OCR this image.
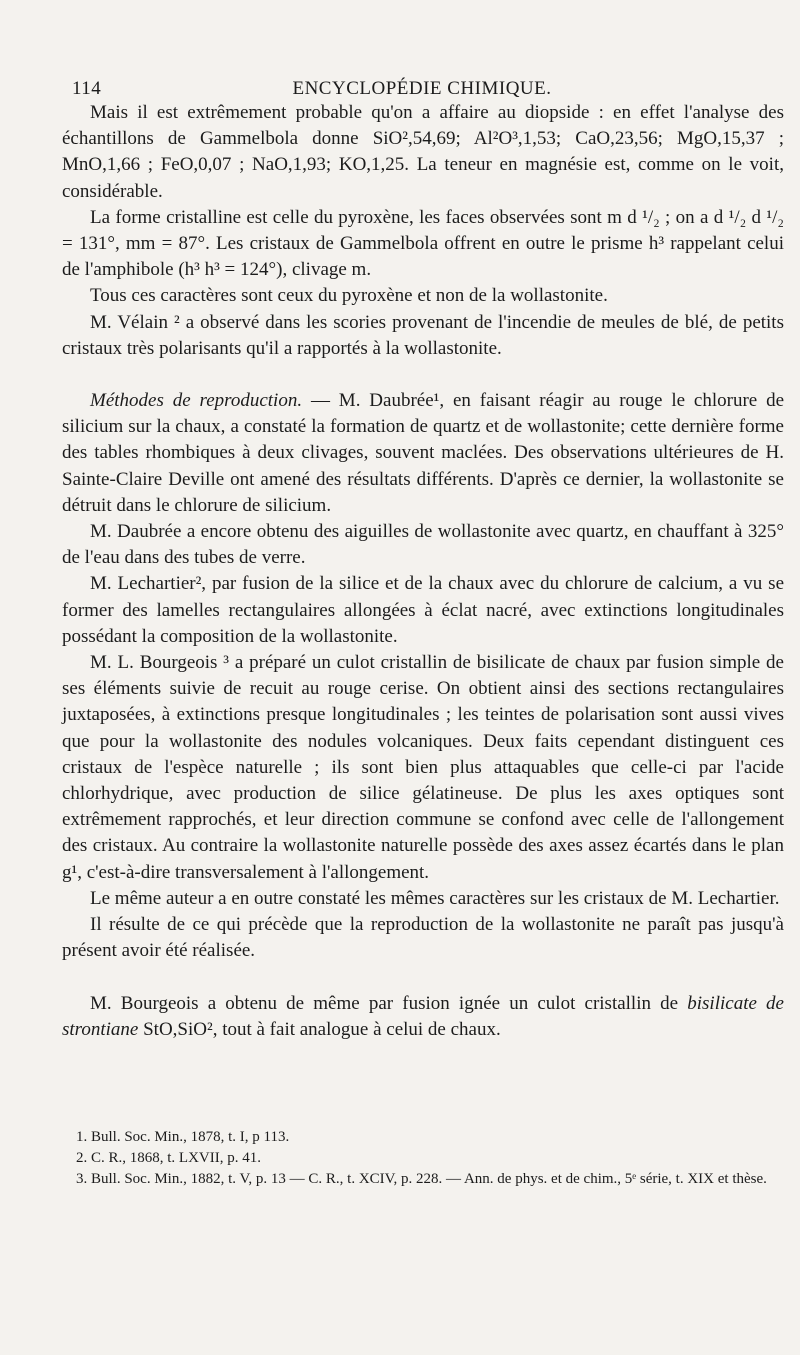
114	ENCYCLOPÉDIE CHIMIQUE.

Mais il est extrêmement probable qu'on a affaire au diopside : en effet l'analyse des échantillons de Gammelbola donne SiO²,54,69; Al²O³,1,53; CaO,23,56; MgO,15,37 ; MnO,1,66 ; FeO,0,07 ; NaO,1,93; KO,1,25. La teneur en magnésie est, comme on le voit, considérable.

La forme cristalline est celle du pyroxène, les faces observées sont m d ¹/₂ ; on a d ¹/₂ d ¹/₂ = 131°, mm = 87°. Les cristaux de Gammelbola offrent en outre le prisme h³ rappelant celui de l'amphibole (h³ h³ = 124°), clivage m.

Tous ces caractères sont ceux du pyroxène et non de la wollastonite.

M. Vélain ² a observé dans les scories provenant de l'incendie de meules de blé, de petits cristaux très polarisants qu'il a rapportés à la wollastonite.

Méthodes de reproduction. — M. Daubrée¹, en faisant réagir au rouge le chlorure de silicium sur la chaux, a constaté la formation de quartz et de wollastonite; cette dernière forme des tables rhombiques à deux clivages, souvent maclées. Des observations ultérieures de H. Sainte-Claire Deville ont amené des résultats différents. D'après ce dernier, la wollastonite se détruit dans le chlorure de silicium.

M. Daubrée a encore obtenu des aiguilles de wollastonite avec quartz, en chauffant à 325° de l'eau dans des tubes de verre.

M. Lechartier², par fusion de la silice et de la chaux avec du chlorure de calcium, a vu se former des lamelles rectangulaires allongées à éclat nacré, avec extinctions longitudinales possédant la composition de la wollastonite.

M. L. Bourgeois ³ a préparé un culot cristallin de bisilicate de chaux par fusion simple de ses éléments suivie de recuit au rouge cerise. On obtient ainsi des sections rectangulaires juxtaposées, à extinctions presque longitudinales ; les teintes de polarisation sont aussi vives que pour la wollastonite des nodules volcaniques. Deux faits cependant distinguent ces cristaux de l'espèce naturelle ; ils sont bien plus attaquables que celle-ci par l'acide chlorhydrique, avec production de silice gélatineuse. De plus les axes optiques sont extrêmement rapprochés, et leur direction commune se confond avec celle de l'allongement des cristaux. Au contraire la wollastonite naturelle possède des axes assez écartés dans le plan g¹, c'est-à-dire transversalement à l'allongement.

Le même auteur a en outre constaté les mêmes caractères sur les cristaux de M. Lechartier.

Il résulte de ce qui précède que la reproduction de la wollastonite ne paraît pas jusqu'à présent avoir été réalisée.

M. Bourgeois a obtenu de même par fusion ignée un culot cristallin de bisilicate de strontiane StO,SiO², tout à fait analogue à celui de chaux.

1. Bull. Soc. Min., 1878, t. I, p 113.

2. C. R., 1868, t. LXVII, p. 41.

3. Bull. Soc. Min., 1882, t. V, p. 13 — C. R., t. XCIV, p. 228. — Ann. de phys. et de chim., 5ᵉ série, t. XIX et thèse.
